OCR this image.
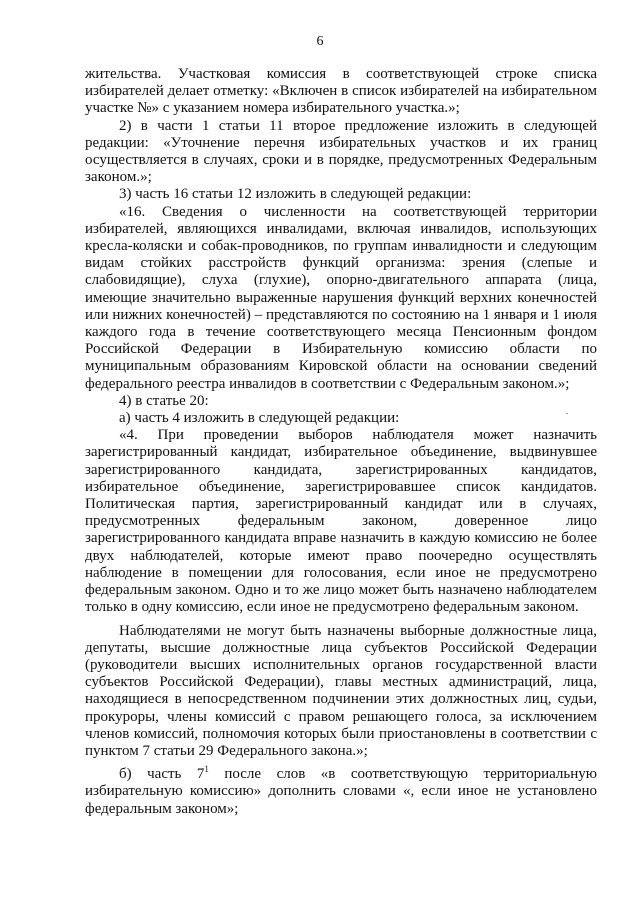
6

жительства. Участковая комиссия в соответствующей строке списка избирателей делает отметку: «Включен в список избирателей на избирательном участке №» с указанием номера избирательного участка.»;

2) в части 1 статьи 11 второе предложение изложить в следующей редакции: «Уточнение перечня избирательных участков и их границ осуществляется в случаях, сроки и в порядке, предусмотренных Федеральным законом.»;

3) часть 16 статьи 12 изложить в следующей редакции:

«16. Сведения о численности на соответствующей территории избирателей, являющихся инвалидами, включая инвалидов, использующих кресла-коляски и собак-проводников, по группам инвалидности и следующим видам стойких расстройств функций организма: зрения (слепые и слабовидящие), слуха (глухие), опорно-двигательного аппарата (лица, имеющие значительно выраженные нарушения функций верхних конечностей или нижних конечностей) – представляются по состоянию на 1 января и 1 июля каждого года в течение соответствующего месяца Пенсионным фондом Российской Федерации в Избирательную комиссию области по муниципальным образованиям Кировской области на основании сведений федерального реестра инвалидов в соответствии с Федеральным законом.»;

4) в статье 20:

а) часть 4 изложить в следующей редакции:

«4. При проведении выборов наблюдателя может назначить зарегистрированный кандидат, избирательное объединение, выдвинувшее зарегистрированного кандидата, зарегистрированных кандидатов, избирательное объединение, зарегистрировавшее список кандидатов. Политическая партия, зарегистрированный кандидат или в случаях, предусмотренных федеральным законом, доверенное лицо зарегистрированного кандидата вправе назначить в каждую комиссию не более двух наблюдателей, которые имеют право поочередно осуществлять наблюдение в помещении для голосования, если иное не предусмотрено федеральным законом. Одно и то же лицо может быть назначено наблюдателем только в одну комиссию, если иное не предусмотрено федеральным законом.

Наблюдателями не могут быть назначены выборные должностные лица, депутаты, высшие должностные лица субъектов Российской Федерации (руководители высших исполнительных органов государственной власти субъектов Российской Федерации), главы местных администраций, лица, находящиеся в непосредственном подчинении этих должностных лиц, судьи, прокуроры, члены комиссий с правом решающего голоса, за исключением членов комиссий, полномочия которых были приостановлены в соответствии с пунктом 7 статьи 29 Федерального закона.»;

б) часть $7^1$ после слов «в соответствующую территориальную избирательную комиссию» дополнить словами «, если иное не установлено федеральным законом»;
